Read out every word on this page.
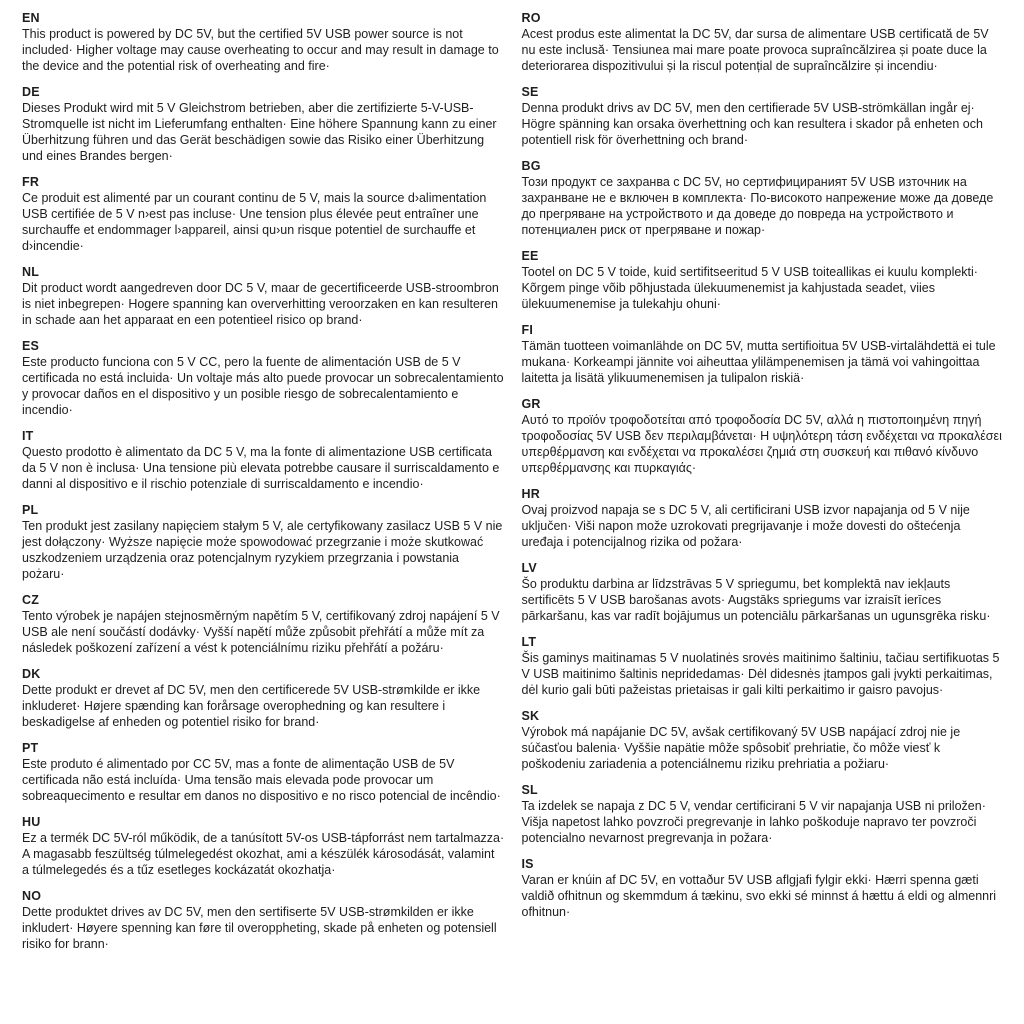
EN
This product is powered by DC 5V, but the certified 5V USB power source is not included· Higher voltage may cause overheating to occur and may result in damage to the device and the potential risk of overheating and fire·
DE
Dieses Produkt wird mit 5 V Gleichstrom betrieben, aber die zertifizierte 5-V-USB-Stromquelle ist nicht im Lieferumfang enthalten· Eine höhere Spannung kann zu einer Überhitzung führen und das Gerät beschädigen sowie das Risiko einer Überhitzung und eines Brandes bergen·
FR
Ce produit est alimenté par un courant continu de 5 V, mais la source d›alimentation USB certifiée de 5 V n›est pas incluse· Une tension plus élevée peut entraîner une surchauffe et endommager l›appareil, ainsi qu›un risque potentiel de surchauffe et d›incendie·
NL
Dit product wordt aangedreven door DC 5 V, maar de gecertificeerde USB-stroombron is niet inbegrepen· Hogere spanning kan oververhitting veroorzaken en kan resulteren in schade aan het apparaat en een potentieel risico op brand·
ES
Este producto funciona con 5 V CC, pero la fuente de alimentación USB de 5 V certificada no está incluida· Un voltaje más alto puede provocar un sobrecalentamiento y provocar daños en el dispositivo y un posible riesgo de sobrecalentamiento e incendio·
IT
Questo prodotto è alimentato da DC 5 V, ma la fonte di alimentazione USB certificata da 5 V non è inclusa· Una tensione più elevata potrebbe causare il surriscaldamento e danni al dispositivo e il rischio potenziale di surriscaldamento e incendio·
PL
Ten produkt jest zasilany napięciem stałym 5 V, ale certyfikowany zasilacz USB 5 V nie jest dołączony· Wyższe napięcie może spowodować przegrzanie i może skutkować uszkodzeniem urządzenia oraz potencjalnym ryzykiem przegrzania i powstania pożaru·
CZ
Tento výrobek je napájen stejnosměrným napětím 5 V, certifikovaný zdroj napájení 5 V USB ale není součástí dodávky· Vyšší napětí může způsobit přehřátí a může mít za následek poškození zařízení a vést k potenciálnímu riziku přehřátí a požáru·
DK
Dette produkt er drevet af DC 5V, men den certificerede 5V USB-strømkilde er ikke inkluderet· Højere spænding kan forårsage overophedning og kan resultere i beskadigelse af enheden og potentiel risiko for brand·
PT
Este produto é alimentado por CC 5V, mas a fonte de alimentação USB de 5V certificada não está incluída· Uma tensão mais elevada pode provocar um sobreaquecimento e resultar em danos no dispositivo e no risco potencial de incêndio·
HU
Ez a termék DC 5V-ról működik, de a tanúsított 5V-os USB-tápforrást nem tartalmazza· A magasabb feszültség túlmelegedést okozhat, ami a készülék károsodását, valamint a túlmelegedés és a tűz esetleges kockázatát okozhatja·
NO
Dette produktet drives av DC 5V, men den sertifiserte 5V USB-strømkilden er ikke inkludert· Høyere spenning kan føre til overoppheting, skade på enheten og potensiell risiko for brann·
RO
Acest produs este alimentat la DC 5V, dar sursa de alimentare USB certificată de 5V nu este inclusă· Tensiunea mai mare poate provoca supraîncălzirea și poate duce la deteriorarea dispozitivului și la riscul potențial de supraîncălzire și incendiu·
SE
Denna produkt drivs av DC 5V, men den certifierade 5V USB-strömkällan ingår ej· Högre spänning kan orsaka överhettning och kan resultera i skador på enheten och potentiell risk för överhettning och brand·
BG
Този продукт се захранва с DC 5V, но сертифицираният 5V USB източник на захранване не е включен в комплекта· По-високото напрежение може да доведе до прегряване на устройството и да доведе до повреда на устройството и потенциален риск от прегряване и пожар·
EE
Tootel on DC 5 V toide, kuid sertifitseeritud 5 V USB toiteallikas ei kuulu komplekti· Kõrgem pinge võib põhjustada ülekuumenemist ja kahjustada seadet, viies ülekuumenemise ja tulekahju ohuni·
FI
Tämän tuotteen voimanlähde on DC 5V, mutta sertifioitua 5V USB-virtalähdettä ei tule mukana· Korkeampi jännite voi aiheuttaa ylilämpenemisen ja tämä voi vahingoittaa laitetta ja lisätä ylikuumenemisen ja tulipalon riskiä·
GR
Αυτό το προϊόν τροφοδοτείται από τροφοδοσία DC 5V, αλλά η πιστοποιημένη πηγή τροφοδοσίας 5V USB δεν περιλαμβάνεται· Η υψηλότερη τάση ενδέχεται να προκαλέσει υπερθέρμανση και ενδέχεται να προκαλέσει ζημιά στη συσκευή και πιθανό κίνδυνο υπερθέρμανσης και πυρκαγιάς·
HR
Ovaj proizvod napaja se s DC 5 V, ali certificirani USB izvor napajanja od 5 V nije uključen· Viši napon može uzrokovati pregrijavanje i može dovesti do oštećenja uređaja i potencijalnog rizika od požara·
LV
Šo produktu darbina ar līdzstrāvas 5 V spriegumu, bet komplektā nav iekļauts sertificēts 5 V USB barošanas avots· Augstāks spriegums var izraisīt ierīces pārkaršanu, kas var radīt bojājumus un potenciālu pārkaršanas un ugunsgrēka risku·
LT
Šis gaminys maitinamas 5 V nuolatinės srovės maitinimo šaltiniu, tačiau sertifikuotas 5 V USB maitinimo šaltinis nepridedamas· Dėl didesnės įtampos gali įvykti perkaitimas, dėl kurio gali būti pažeistas prietaisas ir gali kilti perkaitimo ir gaisro pavojus·
SK
Výrobok má napájanie DC 5V, avšak certifikovaný 5V USB napájací zdroj nie je súčasťou balenia· Vyššie napätie môže spôsobiť prehriatie, čo môže viesť k poškodeniu zariadenia a potenciálnemu riziku prehriatia a požiaru·
SL
Ta izdelek se napaja z DC 5 V, vendar certificirani 5 V vir napajanja USB ni priložen· Višja napetost lahko povzroči pregrevanje in lahko poškoduje napravo ter povzroči potencialno nevarnost pregrevanja in požara·
IS
Varan er knúin af DC 5V, en vottaður 5V USB aflgjafi fylgir ekki· Hærri spenna gæti valdið ofhitnun og skemmdum á tækinu, svo ekki sé minnst á hættu á eldi og almennri ofhitnun·
